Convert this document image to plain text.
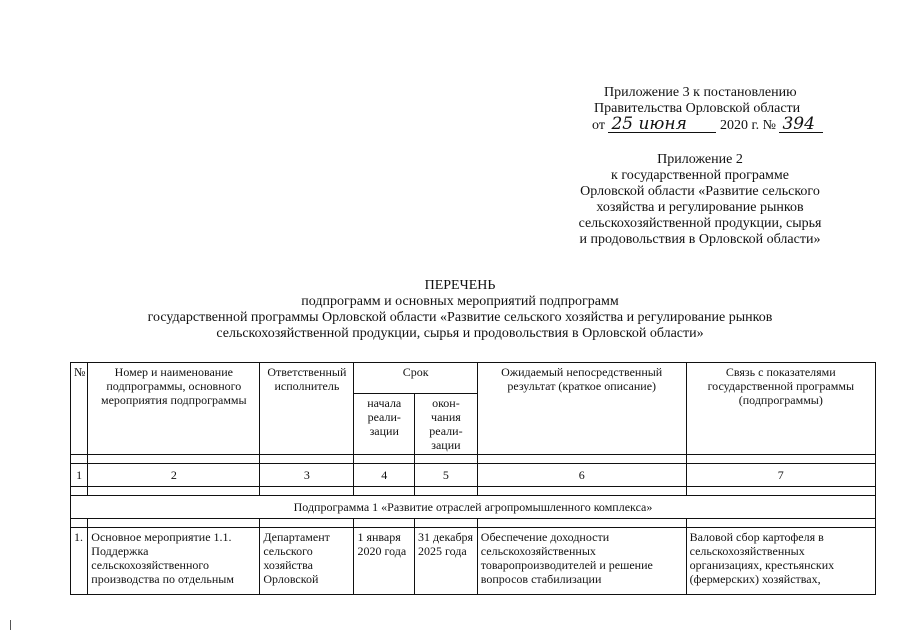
Приложение 3 к постановлению
Правительства Орловской области
от 25 июня 2020 г. № 394
Приложение 2
к государственной программе
Орловской области «Развитие сельского
хозяйства и регулирование рынков
сельскохозяйственной продукции, сырья
и продовольствия в Орловской области»
ПЕРЕЧЕНЬ
подпрограмм и основных мероприятий подпрограмм
государственной программы Орловской области «Развитие сельского хозяйства и регулирование рынков
сельскохозяйственной продукции, сырья и продовольствия в Орловской области»
№	Номер и наименование подпрограммы, основного мероприятия подпрограммы	Ответственный исполнитель	Срок		Ожидаемый непосредственный результат (краткое описание)	Связь с показателями государственной программы (подпрограммы)
			начала реали-зации	окон-чания реали-зации		

1	2	3	4	5	6	7

Подпрограмма 1 «Развитие отраслей агропромышленного комплекса»						

1.	Основное мероприятие 1.1. Поддержка сельскохозяйственного производства по отдельным	Департамент сельского хозяйства Орловской	1 января 2020 года	31 декабря 2025 года	Обеспечение доходности сельскохозяйственных товаропроизводителей и решение вопросов стабилизации	Валовой сбор картофеля в сельскохозяйственных организациях, крестьянских (фермерских) хозяйствах,
